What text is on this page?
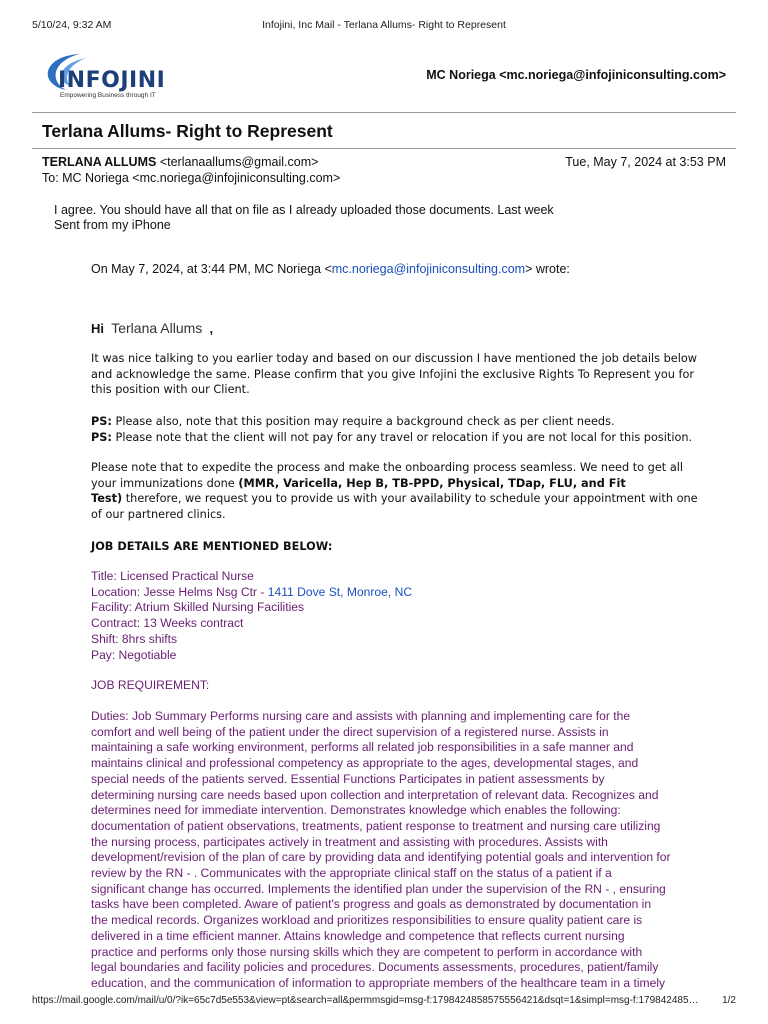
5/10/24, 9:32 AM	Infojini, Inc Mail - Terlana Allums- Right to Represent
INFOJINI
Empowering Business through IT
MC Noriega <mc.noriega@infojiniconsulting.com>
Terlana Allums- Right to Represent
TERLANA ALLUMS <terlanaallums@gmail.com>	Tue, May 7, 2024 at 3:53 PM
To: MC Noriega <mc.noriega@infojiniconsulting.com>
I agree. You should have all that on file as I already uploaded those documents. Last week
Sent from my iPhone
On May 7, 2024, at 3:44 PM, MC Noriega <mc.noriega@infojiniconsulting.com> wrote:
Hi Terlana Allums ,
It was nice talking to you earlier today and based on our discussion I have mentioned the job details below
and acknowledge the same. Please confirm that you give Infojini the exclusive Rights To Represent you for
this position with our Client.
PS: Please also, note that this position may require a background check as per client needs.
PS: Please note that the client will not pay for any travel or relocation if you are not local for this position.
Please note that to expedite the process and make the onboarding process seamless. We need to get all
your immunizations done (MMR, Varicella, Hep B, TB-PPD, Physical, TDap, FLU, and Fit
Test) therefore, we request you to provide us with your availability to schedule your appointment with one
of our partnered clinics.
JOB DETAILS ARE MENTIONED BELOW:
Title: Licensed Practical Nurse
Location: Jesse Helms Nsg Ctr - 1411 Dove St, Monroe, NC
Facility: Atrium Skilled Nursing Facilities
Contract: 13 Weeks contract
Shift: 8hrs shifts
Pay: Negotiable
JOB REQUIREMENT:
Duties: Job Summary Performs nursing care and assists with planning and implementing care for the
comfort and well being of the patient under the direct supervision of a registered nurse. Assists in
maintaining a safe working environment, performs all related job responsibilities in a safe manner and
maintains clinical and professional competency as appropriate to the ages, developmental stages, and
special needs of the patients served. Essential Functions Participates in patient assessments by
determining nursing care needs based upon collection and interpretation of relevant data. Recognizes and
determines need for immediate intervention. Demonstrates knowledge which enables the following:
documentation of patient observations, treatments, patient response to treatment and nursing care utilizing
the nursing process, participates actively in treatment and assisting with procedures. Assists with
development/revision of the plan of care by providing data and identifying potential goals and intervention for
review by the RN - . Communicates with the appropriate clinical staff on the status of a patient if a
significant change has occurred. Implements the identified plan under the supervision of the RN - , ensuring
tasks have been completed. Aware of patient's progress and goals as demonstrated by documentation in
the medical records. Organizes workload and prioritizes responsibilities to ensure quality patient care is
delivered in a time efficient manner. Attains knowledge and competence that reflects current nursing
practice and performs only those nursing skills which they are competent to perform in accordance with
legal boundaries and facility policies and procedures. Documents assessments, procedures, patient/family
education, and the communication of information to appropriate members of the healthcare team in a timely
https://mail.google.com/mail/u/0/?ik=65c7d5e553&view=pt&search=all&permmsgid=msg-f:1798424858575556421&dsqt=1&simpl=msg-f:179842485… 1/2
